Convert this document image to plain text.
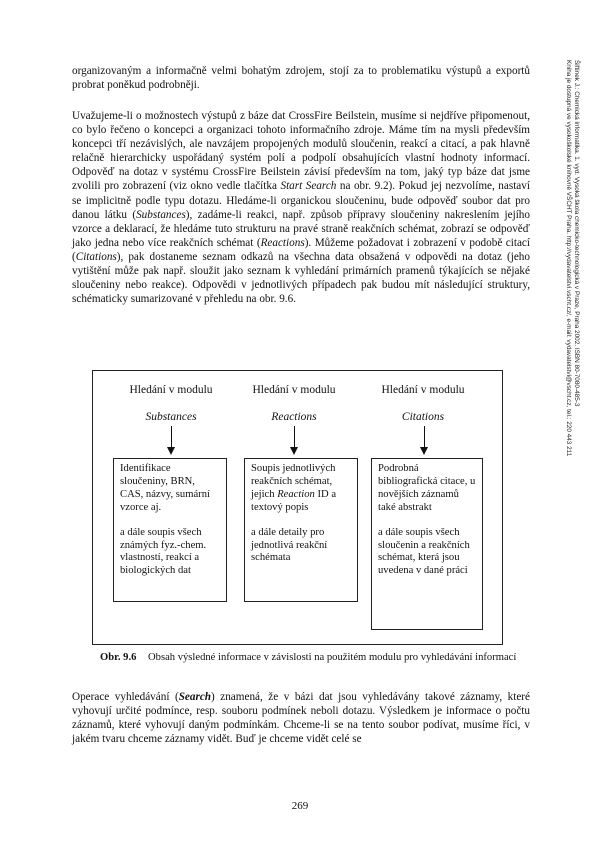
organizovaným a informačně velmi bohatým zdrojem, stojí za to problematiku výstupů a exportů probrat poněkud podrobněji.

Uvažujeme-li o možnostech výstupů z báze dat CrossFire Beilstein, musíme si nejdříve připomenout, co bylo řečeno o koncepci a organizaci tohoto informačního zdroje. Máme tím na mysli především koncepci tří nezávislých, ale navzájem propojených modulů sloučenin, reakcí a citací, a pak hlavně relačně hierarchicky uspořádaný systém polí a podpolí obsahujících vlastní hodnoty informací. Odpověď na dotaz v systému CrossFire Beilstein závisí především na tom, jaký typ báze dat jsme zvolili pro zobrazení (viz okno vedle tlačítka Start Search na obr. 9.2). Pokud jej nezvolíme, nastaví se implicitně podle typu dotazu. Hledáme-li organickou sloučeninu, bude odpověď soubor dat pro danou látku (Substances), zadáme-li reakci, např. způsob přípravy sloučeniny nakreslením jejího vzorce a deklarací, že hledáme tuto strukturu na pravé straně reakčních schémat, zobrazí se odpověď jako jedna nebo více reakčních schémat (Reactions). Můžeme požadovat i zobrazení v podobě citací (Citations), pak dostaneme seznam odkazů na všechna data obsažená v odpovědi na dotaz (jeho vytištění může pak např. sloužit jako seznam k vyhledání primárních pramenů týkajících se nějaké sloučeniny nebo reakce). Odpovědi v jednotlivých případech pak budou mít následující struktury, schématicky sumarizované v přehledu na obr. 9.6.

Hledání v modulu
Substances

Identifikace sloučeniny, BRN, CAS, názvy, sumární vzorce aj.

a dále soupis všech známých fyz.-chem. vlastností, reakcí a biologických dat

Hledání v modulu
Reactions

Soupis jednotlivých reakčních schémat, jejich Reaction ID a textový popis

a dále detaily pro jednotlivá reakční schémata

Hledání v modulu
Citations

Podrobná bibliografická citace, u novějších záznamů také abstrakt

a dále soupis všech sloučenin a reakčních schémat, která jsou uvedena v dané práci

Obr. 9.6 Obsah výsledné informace v závislosti na použitém modulu pro vyhledávání informací

Operace vyhledávání (Search) znamená, že v bázi dat jsou vyhledávány takové záznamy, které vyhovují určité podmínce, resp. souboru podmínek neboli dotazu. Výsledkem je informace o počtu záznamů, které vyhovují daným podmínkám. Chceme-li se na tento soubor podívat, musíme říci, v jakém tvaru chceme záznamy vidět. Buď je chceme vidět celé se

Šiftinek J.: Chemická informatika. 1. vyd. Vysoká škola chemicko-technologická v Praze, Praha 2002. ISBN 80-7080-485-3
Kniha je dostupná ve vysokoškolské knihovně VŠCHT Praha. http://vydavatelstvi.vscht.cz/, e-mail: vydavatelstvi@vscht.cz, tel.: 220 443 211
269
